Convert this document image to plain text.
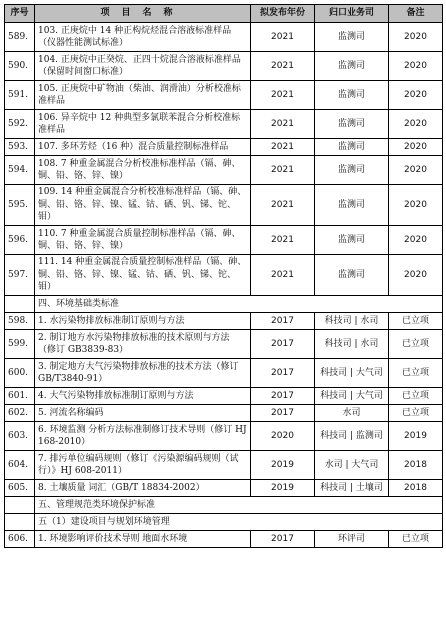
序号	项目名称	拟发布年份	归口业务司	备注
589.	103. 正庚烷中 14 种正构烷烃混合溶液标准样品（仪器性能测试标准）	2021	监测司	2020
590.	104. 正庚烷中正癸烷、正四十烷混合溶液标准样品（保留时间窗口标准）	2021	监测司	2020
591.	105. 正庚烷中矿物油（柴油、润滑油）分析校准标准样品	2021	监测司	2020
592.	106. 异辛烷中 12 种典型多氯联苯混合分析校准标准样品	2021	监测司	2020
593.	107. 多环芳烃（16 种）混合质量控制标准样品	2021	监测司	2020
594.	108. 7 种重金属混合分析校准标准样品（镉、砷、铜、铅、铬、锌、镍）	2021	监测司	2020
595.	109. 14 种重金属混合分析校准标准样品（镉、砷、铜、铅、铬、锌、镍、锰、钴、硒、钒、锑、铊、钼）	2021	监测司	2020
596.	110. 7 种重金属混合质量控制标准样品（镉、砷、铜、铅、铬、锌、镍）	2021	监测司	2020
597.	111. 14 种重金属混合质量控制标准样品（镉、砷、铜、铅、铬、锌、镍、锰、钴、硒、钒、锑、铊、钼）	2021	监测司	2020
	四、环境基础类标准			
598.	1. 水污染物排放标准制订原则与方法	2017	科技司 | 水司	已立项
599.	2. 制订地方水污染物排放标准的技术原则与方法（修订 GB3839-83）	2017	科技司 | 水司	已立项
600.	3. 制定地方大气污染物排放标准的技术方法（修订 GB/T3840-91）	2017	科技司 | 大气司	已立项
601.	4. 大气污染物排放标准制订原则与方法	2017	科技司 | 大气司	已立项
602.	5. 河流名称编码	2017	水司	已立项
603.	6. 环境监测 分析方法标准制修订技术导则（修订 HJ 168-2010）	2020	科技司 | 监测司	2019
604.	7. 排污单位编码规则（修订《污染源编码规则（试行）》HJ 608-2011）	2019	水司 | 大气司	2018
605.	8. 土壤质量 词汇（GB/T 18834-2002）	2019	科技司 | 土壤司	2018
	五、管理规范类环境保护标准			
	五（1）建设项目与规划环境管理			
606.	1. 环境影响评价技术导则 地面水环境	2017	环评司	已立项
